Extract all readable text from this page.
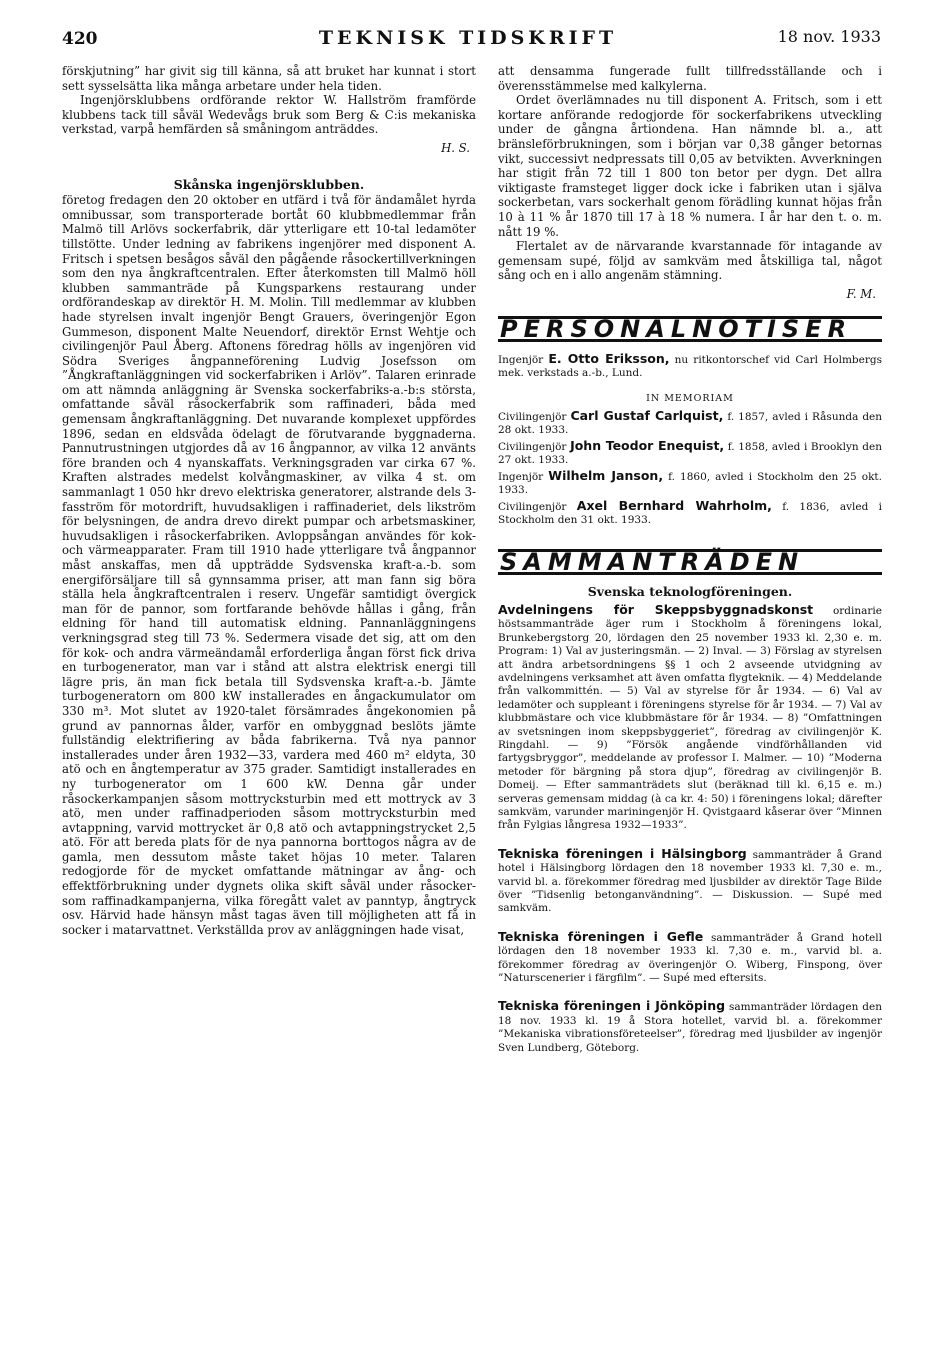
420	TEKNISK TIDSKRIFT	18 nov. 1933

förskjutning” har givit sig till känna, så att bruket har kunnat i stort sett sysselsätta lika många arbetare under hela tiden.

Ingenjörsklubbens ordförande rektor W. Hallström framförde klubbens tack till såväl Wedevågs bruk som Berg & C:is mekaniska verkstad, varpå hemfärden så småningom anträddes.

H. S.

Skånska ingenjörsklubben.

företog fredagen den 20 oktober en utfärd i två för ändamålet hyrda omnibussar, som transporterade bortåt 60 klubbmedlemmar från Malmö till Arlövs sockerfabrik, där ytterligare ett 10-tal ledamöter tillstötte. Under ledning av fabrikens ingenjörer med disponent A. Fritsch i spetsen besågos såväl den pågående råsockertillverkningen som den nya ångkraftcentralen. Efter återkomsten till Malmö höll klubben sammanträde på Kungsparkens restaurang under ordförandeskap av direktör H. M. Molin. Till medlemmar av klubben hade styrelsen invalt ingenjör Bengt Grauers, överingenjör Egon Gummeson, disponent Malte Neuendorf, direktör Ernst Wehtje och civilingenjör Paul Åberg. Aftonens föredrag hölls av ingenjören vid Södra Sveriges ångpanneförening Ludvig Josefsson om ”Ångkraftanläggningen vid sockerfabriken i Arlöv”. Talaren erinrade om att nämnda anläggning är Svenska sockerfabriks-a.-b:s största, omfattande såväl råsockerfabrik som raffinaderi, båda med gemensam ångkraftanläggning. Det nuvarande komplexet uppfördes 1896, sedan en eldsvåda ödelagt de förutvarande byggnaderna. Pannutrustningen utgjordes då av 16 ångpannor, av vilka 12 använts före branden och 4 nyanskaffats. Verkningsgraden var cirka 67 %. Kraften alstrades medelst kolvångmaskiner, av vilka 4 st. om sammanlagt 1 050 hkr drevo elektriska generatorer, alstrande dels 3-fasström för motordrift, huvudsakligen i raffinaderiet, dels likström för belysningen, de andra drevo direkt pumpar och arbetsmaskiner, huvudsakligen i råsockerfabriken. Avloppsångan användes för kok- och värmeapparater. Fram till 1910 hade ytterligare två ångpannor måst anskaffas, men då uppträdde Sydsvenska kraft-a.-b. som energiförsäljare till så gynnsamma priser, att man fann sig böra ställa hela ångkraftcentralen i reserv. Ungefär samtidigt övergick man för de pannor, som fortfarande behövde hållas i gång, från eldning för hand till automatisk eldning. Pannanläggningens verkningsgrad steg till 73 %. Sedermera visade det sig, att om den för kok- och andra värmeändamål erforderliga ångan först fick driva en turbogenerator, man var i stånd att alstra elektrisk energi till lägre pris, än man fick betala till Sydsvenska kraft-a.-b. Jämte turbogeneratorn om 800 kW installerades en ångackumulator om 330 m³. Mot slutet av 1920-talet försämrades ångekonomien på grund av pannornas ålder, varför en ombyggnad beslöts jämte fullständig elektrifiering av båda fabrikerna. Två nya pannor installerades under åren 1932—33, vardera med 460 m² eldyta, 30 atö och en ångtemperatur av 375 grader. Samtidigt installerades en ny turbogenerator om 1 600 kW. Denna går under råsockerkampanjen såsom mottrycksturbin med ett mottryck av 3 atö, men under raffinadperioden såsom mottrycksturbin med avtappning, varvid mottrycket är 0,8 atö och avtappningstrycket 2,5 atö. För att bereda plats för de nya pannorna borttogos några av de gamla, men dessutom måste taket höjas 10 meter. Talaren redogjorde för de mycket omfattande mätningar av ång- och effektförbrukning under dygnets olika skift såväl under råsocker- som raffinadkampanjerna, vilka föregått valet av panntyp, ångtryck osv. Härvid hade hänsyn måst tagas även till möjligheten att få in socker i matarvattnet. Verkställda prov av anläggningen hade visat,

att densamma fungerade fullt tillfredsställande och i överensstämmelse med kalkylerna.

Ordet överlämnades nu till disponent A. Fritsch, som i ett kortare anförande redogjorde för sockerfabrikens utveckling under de gångna årtiondena. Han nämnde bl. a., att bränsleförbrukningen, som i början var 0,38 gånger betornas vikt, successivt nedpressats till 0,05 av betvikten. Avverkningen har stigit från 72 till 1 800 ton betor per dygn. Det allra viktigaste framsteget ligger dock icke i fabriken utan i själva sockerbetan, vars sockerhalt genom förädling kunnat höjas från 10 à 11 % år 1870 till 17 à 18 % numera. I år har den t. o. m. nått 19 %.

Flertalet av de närvarande kvarstannade för intagande av gemensam supé, följd av samkväm med åtskilliga tal, något sång och en i allo angenäm stämning.

F. M.

PERSONALNOTISER

Ingenjör E. Otto Eriksson, nu ritkontorschef vid Carl Holmbergs mek. verkstads a.-b., Lund.

IN MEMORIAM

Civilingenjör Carl Gustaf Carlquist, f. 1857, avled i Råsunda den 28 okt. 1933.

Civilingenjör John Teodor Enequist, f. 1858, avled i Brooklyn den 27 okt. 1933.

Ingenjör Wilhelm Janson, f. 1860, avled i Stockholm den 25 okt. 1933.

Civilingenjör Axel Bernhard Wahrholm, f. 1836, avled i Stockholm den 31 okt. 1933.

SAMMANTRÄDEN

Svenska teknologföreningen.

Avdelningens för Skeppsbyggnadskonst ordinarie höstsammanträde äger rum i Stockholm å föreningens lokal, Brunkebergstorg 20, lördagen den 25 november 1933 kl. 2,30 e. m. Program: 1) Val av justeringsmän. — 2) Inval. — 3) Förslag av styrelsen att ändra arbetsordningens §§ 1 och 2 avseende utvidgning av avdelningens verksamhet att även omfatta flygteknik. — 4) Meddelande från valkommittén. — 5) Val av styrelse för år 1934. — 6) Val av ledamöter och suppleant i föreningens styrelse för år 1934. — 7) Val av klubbmästare och vice klubbmästare för år 1934. — 8) ”Omfattningen av svetsningen inom skeppsbyggeriet”, föredrag av civilingenjör K. Ringdahl. — 9) ”Försök angående vindförhållanden vid fartygsbryggor”, meddelande av professor I. Malmer. — 10) ”Moderna metoder för bärgning på stora djup”, föredrag av civilingenjör B. Domeij. — Efter sammanträdets slut (beräknad till kl. 6,15 e. m.) serveras gemensam middag (à ca kr. 4: 50) i föreningens lokal; därefter samkväm, varunder mariningenjör H. Qvistgaard kåserar över ”Minnen från Fylgias långresa 1932—1933”.

Tekniska föreningen i Hälsingborg sammanträder å Grand hotel i Hälsingborg lördagen den 18 november 1933 kl. 7,30 e. m., varvid bl. a. förekommer föredrag med ljusbilder av direktör Tage Bilde över ”Tidsenlig betonganvändning”. — Diskussion. — Supé med samkväm.

Tekniska föreningen i Gefle sammanträder å Grand hotell lördagen den 18 november 1933 kl. 7,30 e. m., varvid bl. a. förekommer föredrag av överingenjör O. Wiberg, Finspong, över ”Naturscenerier i färgfilm”. — Supé med eftersits.

Tekniska föreningen i Jönköping sammanträder lördagen den 18 nov. 1933 kl. 19 å Stora hotellet, varvid bl. a. förekommer ”Mekaniska vibrationsföreteelser”, föredrag med ljusbilder av ingenjör Sven Lundberg, Göteborg.
